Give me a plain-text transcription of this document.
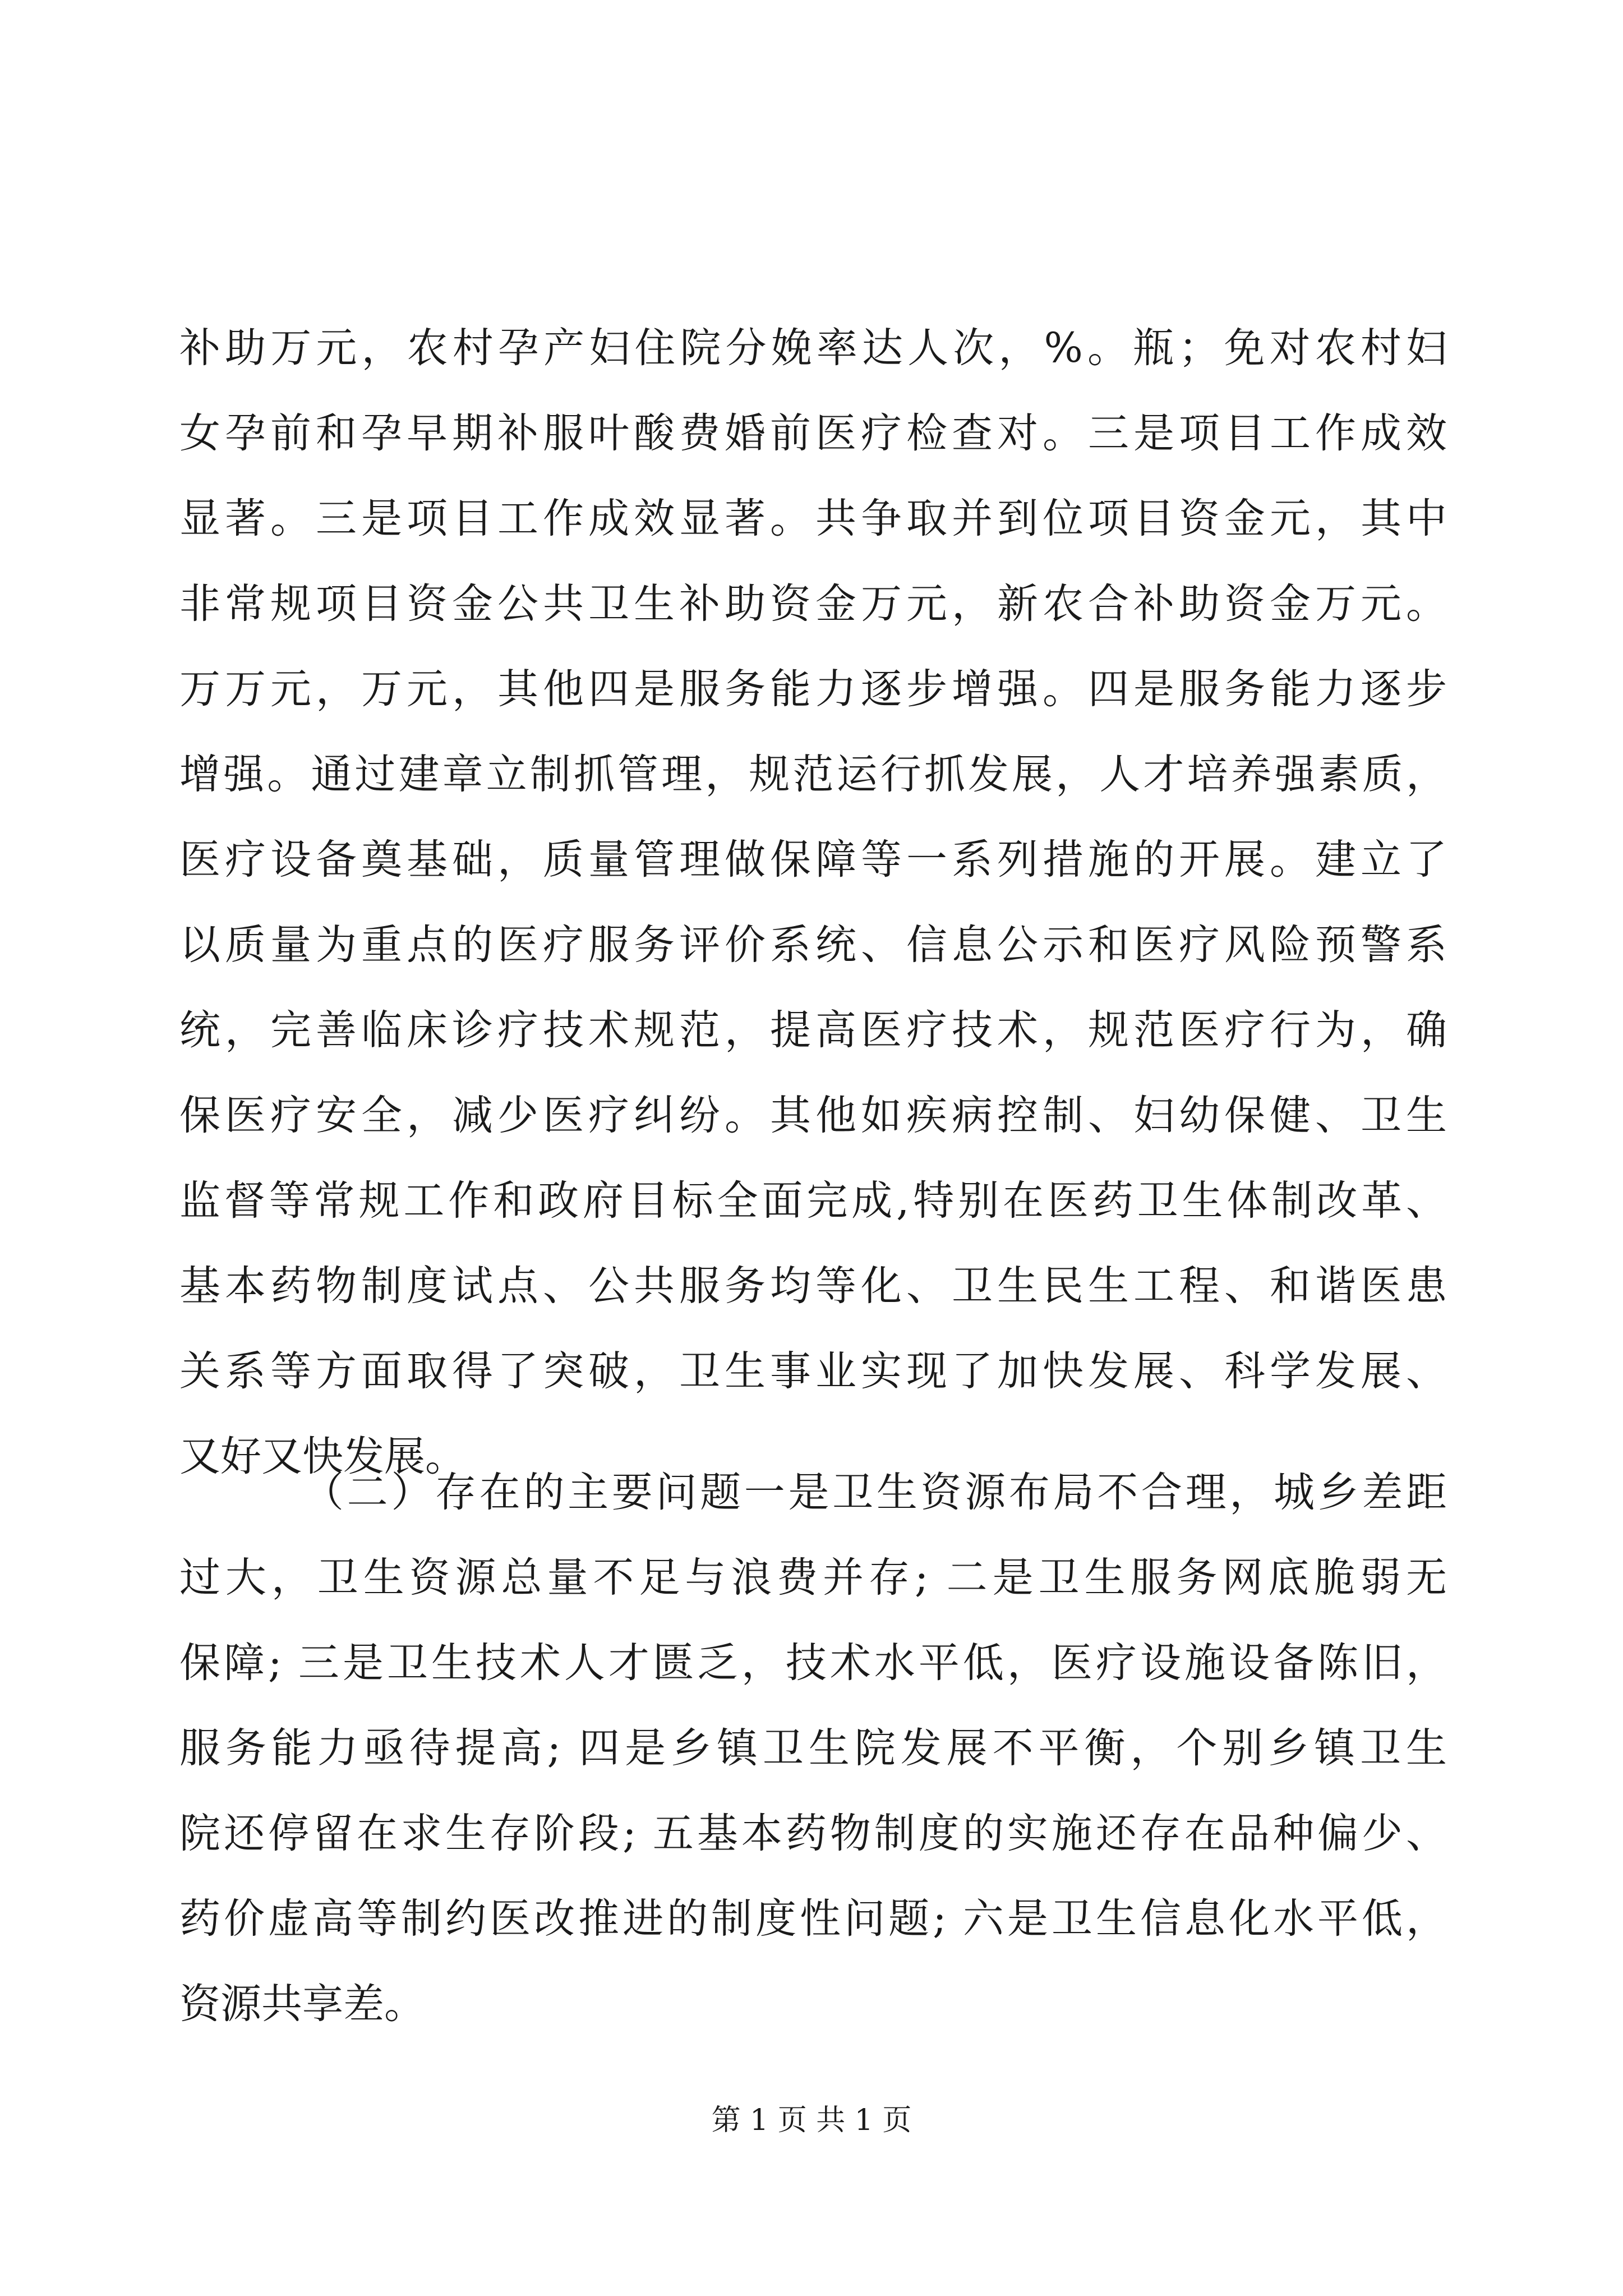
补助万元，农村孕产妇住院分娩率达人次，%。瓶；免对农村妇
女孕前和孕早期补服叶酸费婚前医疗检查对。三是项目工作成效
显著。三是项目工作成效显著。共争取并到位项目资金元，其中
非常规项目资金公共卫生补助资金万元，新农合补助资金万元。
万万元，万元，其他四是服务能力逐步增强。四是服务能力逐步
增强。通过建章立制抓管理，规范运行抓发展，人才培养强素质，
医疗设备奠基础，质量管理做保障等一系列措施的开展。建立了
以质量为重点的医疗服务评价系统、信息公示和医疗风险预警系
统，完善临床诊疗技术规范，提高医疗技术，规范医疗行为，确
保医疗安全，减少医疗纠纷。其他如疾病控制、妇幼保健、卫生
监督等常规工作和政府目标全面完成,特别在医药卫生体制改革、
基本药物制度试点、公共服务均等化、卫生民生工程、和谐医患
关系等方面取得了突破，卫生事业实现了加快发展、科学发展、
又好又快发展。
（二）存在的主要问题一是卫生资源布局不合理，城乡差距
过大，卫生资源总量不足与浪费并存; 二是卫生服务网底脆弱无
保障; 三是卫生技术人才匮乏，技术水平低，医疗设施设备陈旧，
服务能力亟待提高; 四是乡镇卫生院发展不平衡，个别乡镇卫生
院还停留在求生存阶段; 五基本药物制度的实施还存在品种偏少、
药价虚高等制约医改推进的制度性问题; 六是卫生信息化水平低，
资源共享差。
第 1 页 共 1 页
